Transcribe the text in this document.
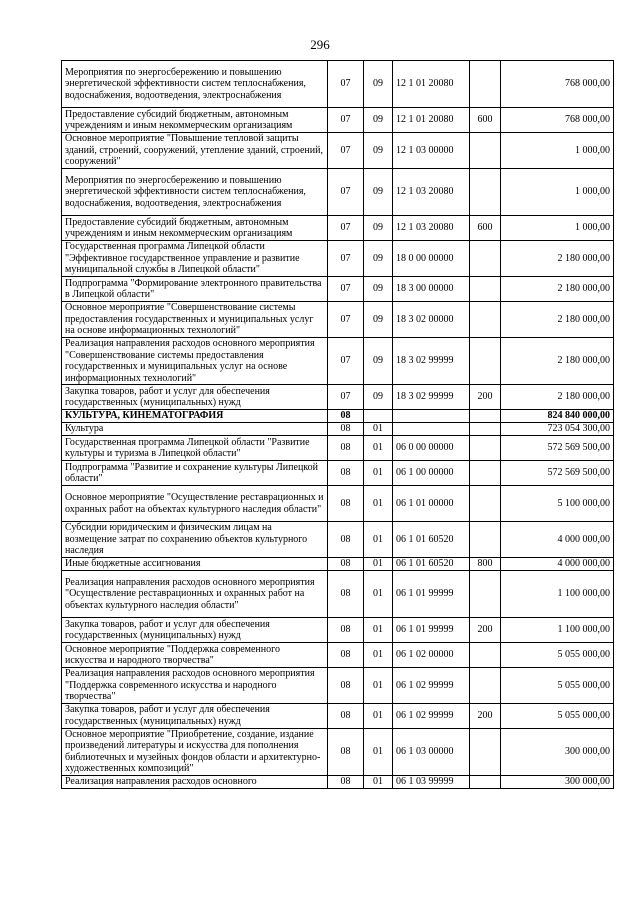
296
Мероприятия по энергосбережению и повышению энергетической эффективности систем теплоснабжения, водоснабжения, водоотведения, электроснабжения	07	09	12 1 01 20080		768 000,00
Предоставление субсидий бюджетным, автономным учреждениям и иным некоммерческим организациям	07	09	12 1 01 20080	600	768 000,00
Основное мероприятие "Повышение тепловой защиты зданий, строений, сооружений, утепление зданий, строений, сооружений"	07	09	12 1 03 00000		1 000,00
Мероприятия по энергосбережению и повышению энергетической эффективности систем теплоснабжения, водоснабжения, водоотведения, электроснабжения	07	09	12 1 03 20080		1 000,00
Предоставление субсидий бюджетным, автономным учреждениям и иным некоммерческим организациям	07	09	12 1 03 20080	600	1 000,00
Государственная программа Липецкой области "Эффективное государственное управление и развитие муниципальной службы в Липецкой области"	07	09	18 0 00 00000		2 180 000,00
Подпрограмма "Формирование электронного правительства в Липецкой области"	07	09	18 3 00 00000		2 180 000,00
Основное мероприятие "Совершенствование системы предоставления государственных и муниципальных услуг на основе информационных технологий"	07	09	18 3 02 00000		2 180 000,00
Реализация направления расходов основного мероприятия "Совершенствование системы предоставления государственных и муниципальных услуг на основе информационных технологий"	07	09	18 3 02 99999		2 180 000,00
Закупка товаров, работ и услуг для обеспечения государственных (муниципальных) нужд	07	09	18 3 02 99999	200	2 180 000,00
КУЛЬТУРА, КИНЕМАТОГРАФИЯ	08				824 840 000,00
Культура	08	01			723 054 300,00
Государственная программа Липецкой области "Развитие культуры и туризма в Липецкой области"	08	01	06 0 00 00000		572 569 500,00
Подпрограмма "Развитие и сохранение культуры Липецкой области"	08	01	06 1 00 00000		572 569 500,00
Основное мероприятие "Осуществление реставрационных и охранных работ на объектах культурного наследия области"	08	01	06 1 01 00000		5 100 000,00
Субсидии юридическим и физическим лицам на возмещение затрат по сохранению объектов культурного наследия	08	01	06 1 01 60520		4 000 000,00
Иные бюджетные ассигнования	08	01	06 1 01 60520	800	4 000 000,00
Реализация направления расходов основного мероприятия "Осуществление реставрационных и охранных работ на объектах культурного наследия области"	08	01	06 1 01 99999		1 100 000,00
Закупка товаров, работ и услуг для обеспечения государственных (муниципальных) нужд	08	01	06 1 01 99999	200	1 100 000,00
Основное мероприятие "Поддержка современного искусства и народного творчества"	08	01	06 1 02 00000		5 055 000,00
Реализация направления расходов основного мероприятия "Поддержка современного искусства и народного творчества"	08	01	06 1 02 99999		5 055 000,00
Закупка товаров, работ и услуг для обеспечения государственных (муниципальных) нужд	08	01	06 1 02 99999	200	5 055 000,00
Основное мероприятие "Приобретение, создание, издание произведений литературы и искусства для пополнения библиотечных и музейных фондов области и архитектурно-художественных композиций"	08	01	06 1 03 00000		300 000,00
Реализация направления расходов основного	08	01	06 1 03 99999		300 000,00
